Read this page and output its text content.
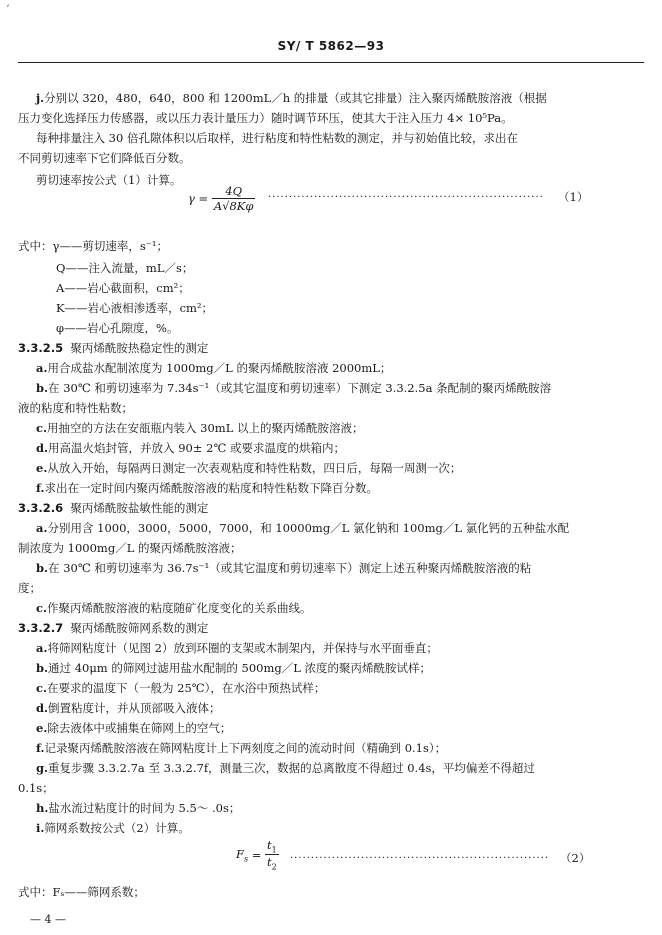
ʼ
SY/ T 5862—93
j.分别以 320，480，640，800 和 1200mL／h 的排量（或其它排量）注入聚丙烯酰胺溶液（根据
压力变化选择压力传感器，或以压力表计量压力）随时调节环压，使其大于注入压力 4× 10⁵Pa。
每种排量注入 30 倍孔隙体积以后取样，进行粘度和特性粘数的测定，并与初始值比较，求出在
不同剪切速率下它们降低百分数。
剪切速率按公式（1）计算。
$\gamma = \frac{4Q}{A√8K\varphi}$ ··································································	（1）
式中：γ——剪切速率，s⁻¹；
Q——注入流量，mL／s；
A——岩心截面积，cm²；
K——岩心液相渗透率，cm²；
φ——岩心孔隙度，%。
3.3.2.5 聚丙烯酰胺热稳定性的测定
a.用合成盐水配制浓度为 1000mg／L 的聚丙烯酰胺溶液 2000mL；
b.在 30℃ 和剪切速率为 7.34s⁻¹（或其它温度和剪切速率）下测定 3.3.2.5a 条配制的聚丙烯酰胺溶
液的粘度和特性粘数；
c.用抽空的方法在安瓿瓶内装入 30mL 以上的聚丙烯酰胺溶液；
d.用高温火焰封管，并放入 90± 2℃ 或要求温度的烘箱内；
e.从放入开始，每隔两日测定一次表观粘度和特性粘数，四日后，每隔一周测一次；
f.求出在一定时间内聚丙烯酰胺溶液的粘度和特性粘数下降百分数。
3.3.2.6 聚丙烯酰胺盐敏性能的测定
a.分别用含 1000，3000，5000，7000，和 10000mg／L 氯化钠和 100mg／L 氯化钙的五种盐水配
制浓度为 1000mg／L 的聚丙烯酰胺溶液；
b.在 30℃ 和剪切速率为 36.7s⁻¹（或其它温度和剪切速率下）测定上述五种聚丙烯酰胺溶液的粘
度；
c.作聚丙烯酰胺溶液的粘度随矿化度变化的关系曲线。
3.3.2.7 聚丙烯酰胺筛网系数的测定
a.将筛网粘度计（见图 2）放到环圈的支架或木制架内，并保持与水平面垂直；
b.通过 40μm 的筛网过滤用盐水配制的 500mg／L 浓度的聚丙烯酰胺试样；
c.在要求的温度下（一般为 25℃），在水浴中预热试样；
d.倒置粘度计，并从顶部吸入液体；
e.除去液体中或捕集在筛网上的空气；
f.记录聚丙烯酰胺溶液在筛网粘度计上下两刻度之间的流动时间（精确到 0.1s）；
g.重复步骤 3.3.2.7a 至 3.3.2.7f，测量三次，数据的总离散度不得超过 0.4s，平均偏差不得超过
0.1s；
h.盐水流过粘度计的时间为 5.5～ .0s；
i.筛网系数按公式（2）计算。
$F_s = \frac{t_1}{t_2}$ ······························································ （2）
式中：Fₛ——筛网系数；
— 4 —
